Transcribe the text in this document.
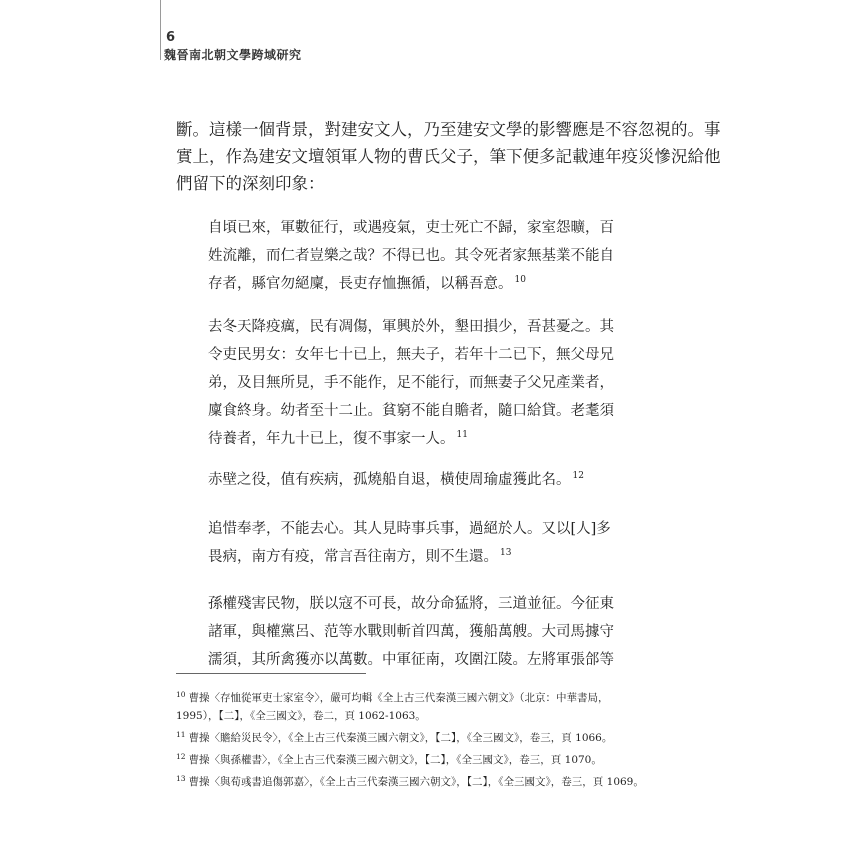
6
魏晉南北朝文學跨域研究
斷。這樣一個背景，對建安文人，乃至建安文學的影響應是不容忽視的。事
實上，作為建安文壇領軍人物的曹氏父子，筆下便多記載連年疫災慘況給他
們留下的深刻印象：
自頃已來，軍數征行，或遇疫氣，吏士死亡不歸，家室怨曠，百
姓流離，而仁者豈樂之哉？不得已也。其令死者家無基業不能自
存者，縣官勿絕廩，長吏存恤撫循，以稱吾意。 $^{10}$
去冬天降疫癘，民有凋傷，軍興於外，墾田損少，吾甚憂之。其
令吏民男女：女年七十已上，無夫子，若年十二已下，無父母兄
弟，及目無所見，手不能作，足不能行，而無妻子父兄產業者，
廩食終身。幼者至十二止。貧窮不能自贍者，隨口給貸。老耄須
待養者，年九十已上，復不事家一人。 $^{11}$
赤壁之役，值有疾病，孤燒船自退，橫使周瑜虛獲此名。 $^{12}$
追惜奉孝，不能去心。其人見時事兵事，過絕於人。又以[人]多
畏病，南方有疫，常言吾往南方，則不生還。 $^{13}$
孫權殘害民物，朕以寇不可長，故分命猛將，三道並征。今征東
諸軍，與權黨呂、范等水戰則斬首四萬，獲船萬艘。大司馬據守
濡須，其所禽獲亦以萬數。中軍征南，攻圍江陵。左將軍張郃等
$^{10}$ 曹操〈存恤從軍吏士家室令〉，嚴可均輯《全上古三代秦漢三國六朝文》（北京：中華書局，
1995），【二】，《全三國文》，卷二，頁 1062-1063。
$^{11}$ 曹操〈贍給災民令〉，《全上古三代秦漢三國六朝文》，【二】，《全三國文》，卷三，頁 1066。
$^{12}$ 曹操〈與孫權書〉，《全上古三代秦漢三國六朝文》，【二】，《全三國文》，卷三，頁 1070。
$^{13}$ 曹操〈與荀彧書追傷郭嘉〉，《全上古三代秦漢三國六朝文》，【二】，《全三國文》，卷三，頁 1069。
